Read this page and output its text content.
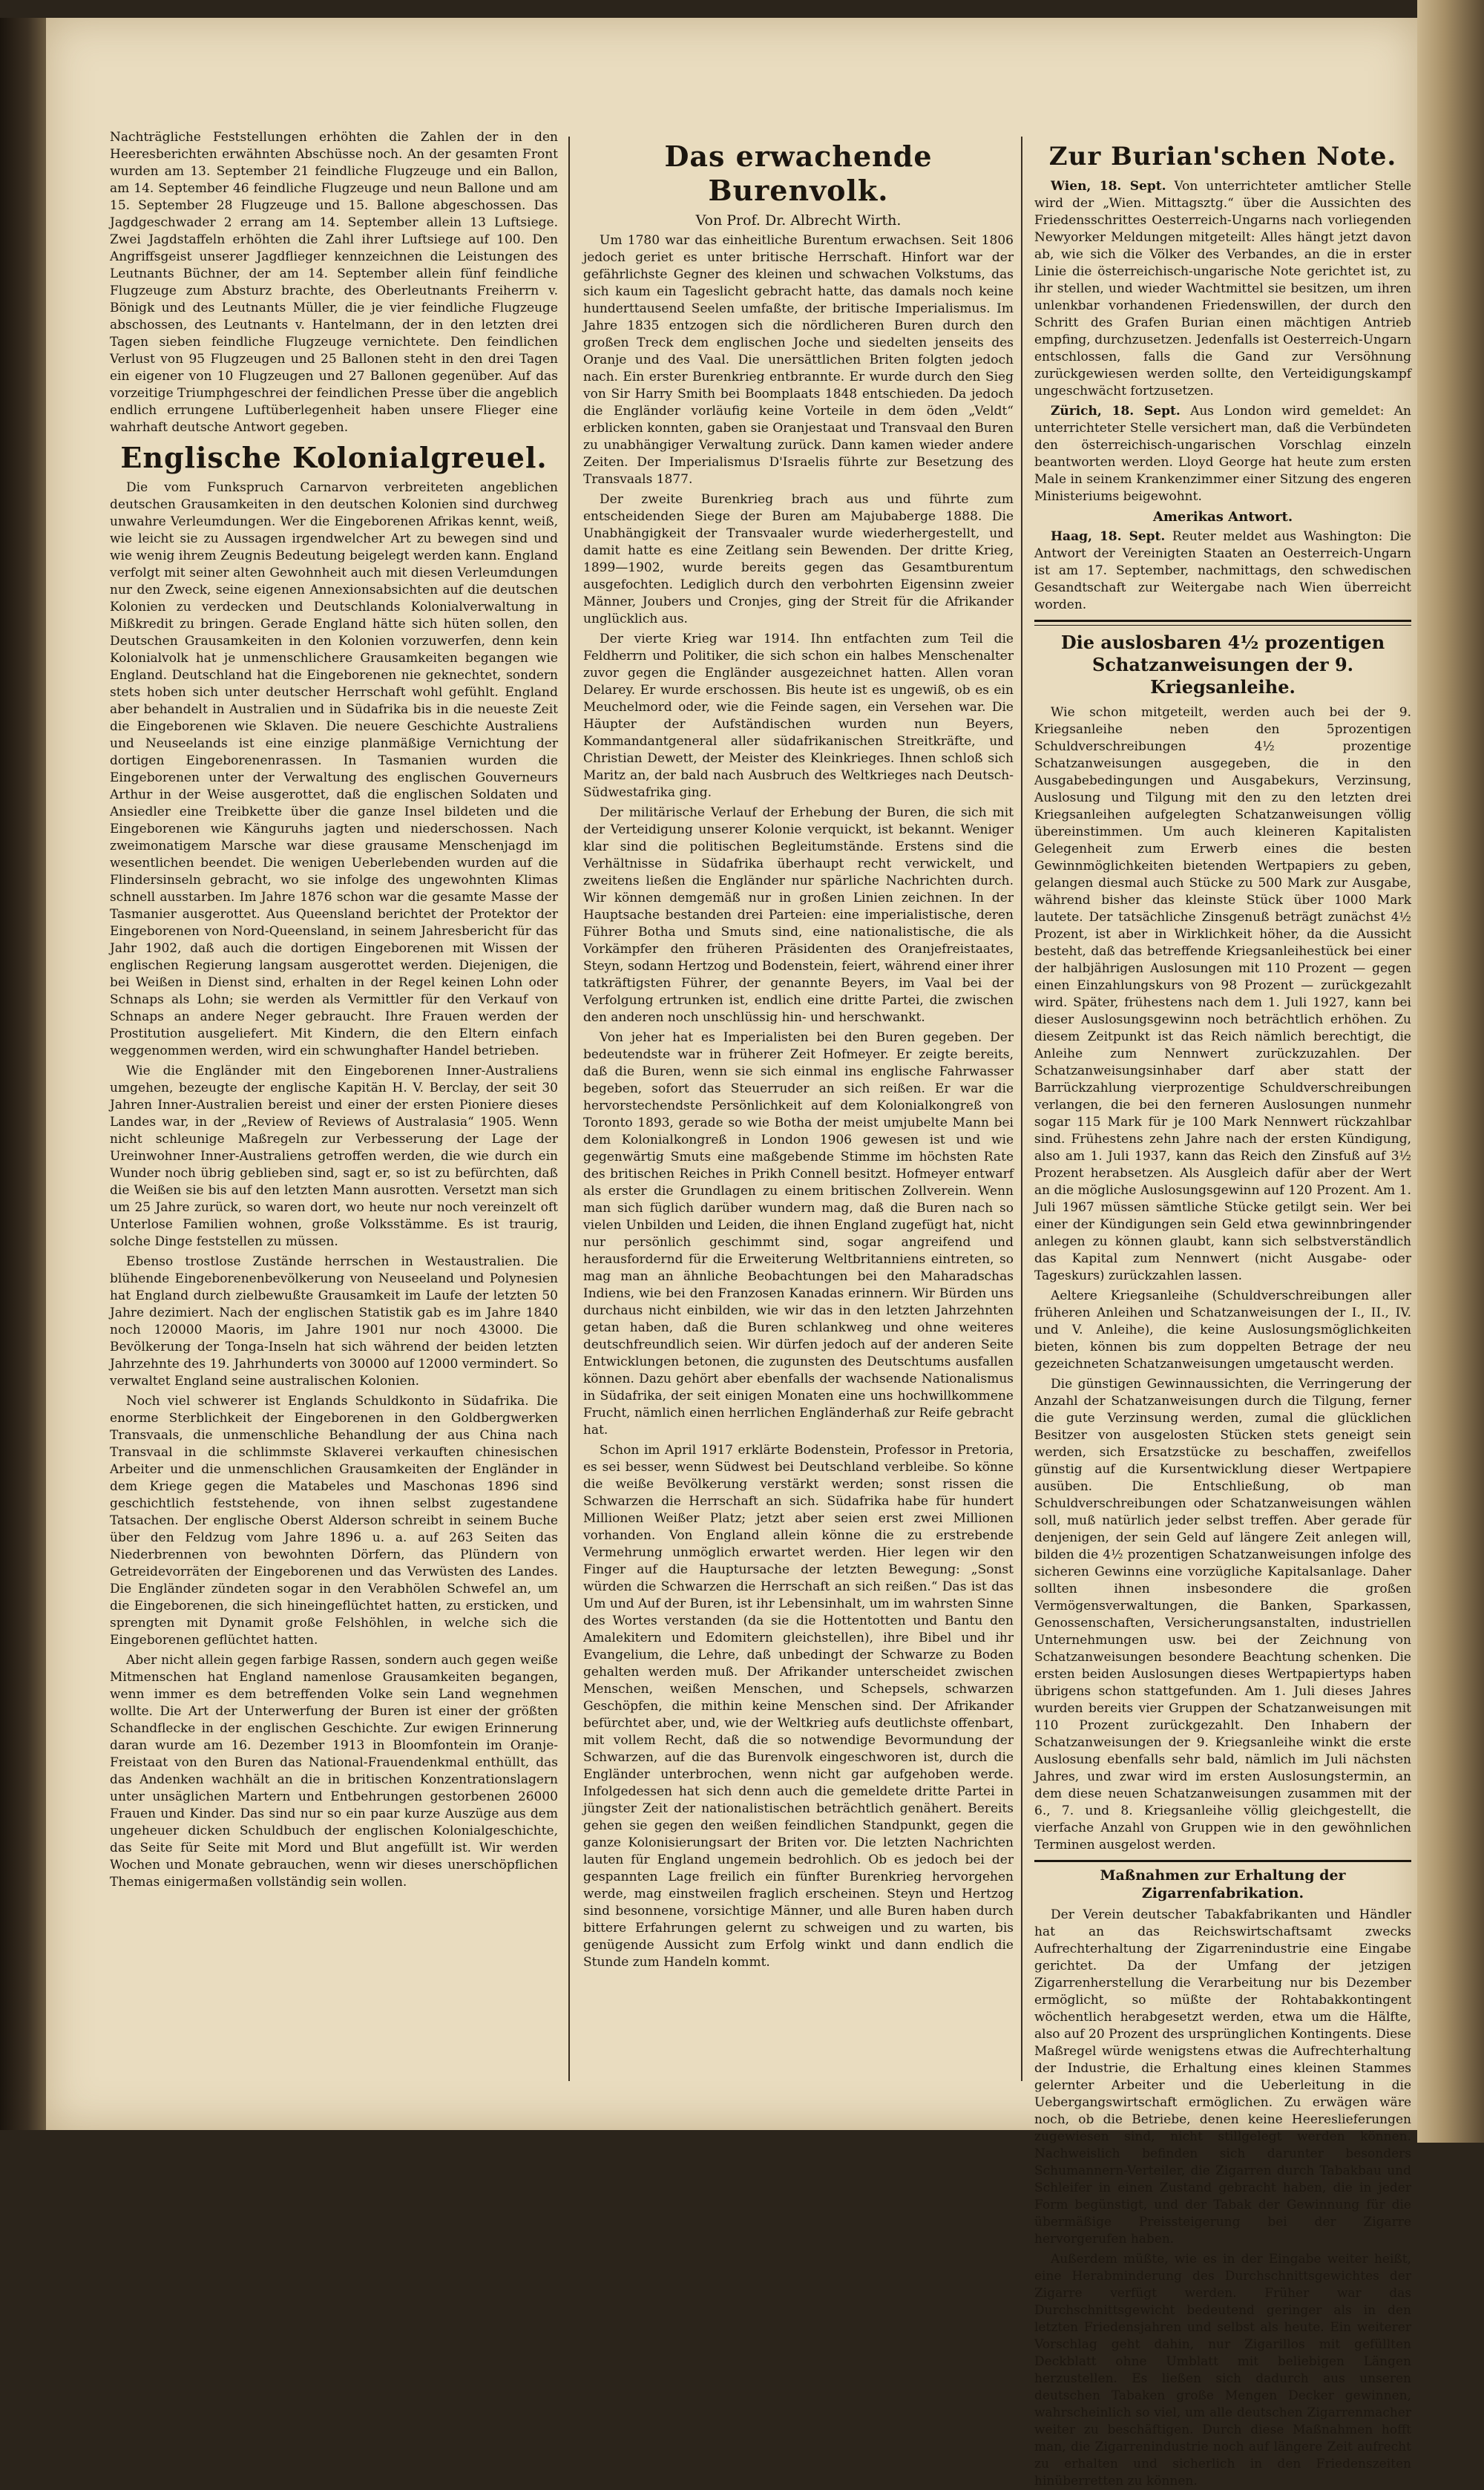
Nachträgliche Feststellungen erhöhten die Zahlen der in den Heeresberichten erwähnten Abschüsse noch. An der gesamten Front wurden am 13. September 21 feindliche Flugzeuge und ein Ballon, am 14. September 46 feindliche Flugzeuge und neun Ballone und am 15. September 28 Flugzeuge und 15. Ballone abgeschossen. Das Jagdgeschwader 2 errang am 14. September allein 13 Luftsiege. Zwei Jagdstaffeln erhöhten die Zahl ihrer Luftsiege auf 100. Den Angriffsgeist unserer Jagdflieger kennzeichnen die Leistungen des Leutnants Büchner, der am 14. September allein fünf feindliche Flugzeuge zum Absturz brachte, des Oberleutnants Freiherrn v. Bönigk und des Leutnants Müller, die je vier feindliche Flugzeuge abschossen, des Leutnants v. Hantelmann, der in den letzten drei Tagen sieben feindliche Flugzeuge vernichtete. Den feindlichen Verlust von 95 Flugzeugen und 25 Ballonen steht in den drei Tagen ein eigener von 10 Flugzeugen und 27 Ballonen gegenüber. Auf das vorzeitige Triumphgeschrei der feindlichen Presse über die angeblich endlich errungene Luftüberlegenheit haben unsere Flieger eine wahrhaft deutsche Antwort gegeben.

Englische Kolonialgreuel.

Die vom Funkspruch Carnarvon verbreiteten angeblichen deutschen Grausamkeiten in den deutschen Kolonien sind durchweg unwahre Verleumdungen. Wer die Eingeborenen Afrikas kennt, weiß, wie leicht sie zu Aussagen irgendwelcher Art zu bewegen sind und wie wenig ihrem Zeugnis Bedeutung beigelegt werden kann. England verfolgt mit seiner alten Gewohnheit auch mit diesen Verleumdungen nur den Zweck, seine eigenen Annexionsabsichten auf die deutschen Kolonien zu verdecken und Deutschlands Kolonialverwaltung in Mißkredit zu bringen. Gerade England hätte sich hüten sollen, den Deutschen Grausamkeiten in den Kolonien vorzuwerfen, denn kein Kolonialvolk hat je unmenschlichere Grausamkeiten begangen wie England. Deutschland hat die Eingeborenen nie geknechtet, sondern stets hoben sich unter deutscher Herrschaft wohl gefühlt. England aber behandelt in Australien und in Südafrika bis in die neueste Zeit die Eingeborenen wie Sklaven. Die neuere Geschichte Australiens und Neuseelands ist eine einzige planmäßige Vernichtung der dortigen Eingeborenenrassen. In Tasmanien wurden die Eingeborenen unter der Verwaltung des englischen Gouverneurs Arthur in der Weise ausgerottet, daß die englischen Soldaten und Ansiedler eine Treibkette über die ganze Insel bildeten und die Eingeborenen wie Känguruhs jagten und niederschossen. Nach zweimonatigem Marsche war diese grausame Menschenjagd im wesentlichen beendet. Die wenigen Ueberlebenden wurden auf die Flindersinseln gebracht, wo sie infolge des ungewohnten Klimas schnell ausstarben. Im Jahre 1876 schon war die gesamte Masse der Tasmanier ausgerottet. Aus Queensland berichtet der Protektor der Eingeborenen von Nord-Queensland, in seinem Jahresbericht für das Jahr 1902, daß auch die dortigen Eingeborenen mit Wissen der englischen Regierung langsam ausgerottet werden. Diejenigen, die bei Weißen in Dienst sind, erhalten in der Regel keinen Lohn oder Schnaps als Lohn; sie werden als Vermittler für den Verkauf von Schnaps an andere Neger gebraucht. Ihre Frauen werden der Prostitution ausgeliefert. Mit Kindern, die den Eltern einfach weggenommen werden, wird ein schwunghafter Handel betrieben.

Wie die Engländer mit den Eingeborenen Inner-Australiens umgehen, bezeugte der englische Kapitän H. V. Berclay, der seit 30 Jahren Inner-Australien bereist und einer der ersten Pioniere dieses Landes war, in der „Review of Reviews of Australasia“ 1905. Wenn nicht schleunige Maßregeln zur Verbesserung der Lage der Ureinwohner Inner-Australiens getroffen werden, die wie durch ein Wunder noch übrig geblieben sind, sagt er, so ist zu befürchten, daß die Weißen sie bis auf den letzten Mann ausrotten. Versetzt man sich um 25 Jahre zurück, so waren dort, wo heute nur noch vereinzelt oft Unterlose Familien wohnen, große Volksstämme. Es ist traurig, solche Dinge feststellen zu müssen.

Ebenso trostlose Zustände herrschen in Westaustralien. Die blühende Eingeborenenbevölkerung von Neuseeland und Polynesien hat England durch zielbewußte Grausamkeit im Laufe der letzten 50 Jahre dezimiert. Nach der englischen Statistik gab es im Jahre 1840 noch 120000 Maoris, im Jahre 1901 nur noch 43000. Die Bevölkerung der Tonga-Inseln hat sich während der beiden letzten Jahrzehnte des 19. Jahrhunderts von 30000 auf 12000 vermindert. So verwaltet England seine australischen Kolonien.

Noch viel schwerer ist Englands Schuldkonto in Südafrika. Die enorme Sterblichkeit der Eingeborenen in den Goldbergwerken Transvaals, die unmenschliche Behandlung der aus China nach Transvaal in die schlimmste Sklaverei verkauften chinesischen Arbeiter und die unmenschlichen Grausamkeiten der Engländer in dem Kriege gegen die Matabeles und Maschonas 1896 sind geschichtlich feststehende, von ihnen selbst zugestandene Tatsachen. Der englische Oberst Alderson schreibt in seinem Buche über den Feldzug vom Jahre 1896 u. a. auf 263 Seiten das Niederbrennen von bewohnten Dörfern, das Plündern von Getreidevorräten der Eingeborenen und das Verwüsten des Landes. Die Engländer zündeten sogar in den Verabhölen Schwefel an, um die Eingeborenen, die sich hineingeflüchtet hatten, zu ersticken, und sprengten mit Dynamit große Felshöhlen, in welche sich die Eingeborenen geflüchtet hatten.

Aber nicht allein gegen farbige Rassen, sondern auch gegen weiße Mitmenschen hat England namenlose Grausamkeiten begangen, wenn immer es dem betreffenden Volke sein Land wegnehmen wollte. Die Art der Unterwerfung der Buren ist einer der größten Schandflecke in der englischen Geschichte. Zur ewigen Erinnerung daran wurde am 16. Dezember 1913 in Bloomfontein im Oranje-Freistaat von den Buren das National-Frauendenkmal enthüllt, das das Andenken wachhält an die in britischen Konzentrationslagern unter unsäglichen Martern und Entbehrungen gestorbenen 26000 Frauen und Kinder. Das sind nur so ein paar kurze Auszüge aus dem ungeheuer dicken Schuldbuch der englischen Kolonialgeschichte, das Seite für Seite mit Mord und Blut angefüllt ist. Wir werden Wochen und Monate gebrauchen, wenn wir dieses unerschöpflichen Themas einigermaßen vollständig sein wollen.

Das erwachende Burenvolk.

Von Prof. Dr. Albrecht Wirth.

Um 1780 war das einheitliche Burentum erwachsen. Seit 1806 jedoch geriet es unter britische Herrschaft. Hinfort war der gefährlichste Gegner des kleinen und schwachen Volkstums, das sich kaum ein Tageslicht gebracht hatte, das damals noch keine hunderttausend Seelen umfaßte, der britische Imperialismus. Im Jahre 1835 entzogen sich die nördlicheren Buren durch den großen Treck dem englischen Joche und siedelten jenseits des Oranje und des Vaal. Die unersättlichen Briten folgten jedoch nach. Ein erster Burenkrieg entbrannte. Er wurde durch den Sieg von Sir Harry Smith bei Boomplaats 1848 entschieden. Da jedoch die Engländer vorläufig keine Vorteile in dem öden „Veldt“ erblicken konnten, gaben sie Oranjestaat und Transvaal den Buren zu unabhängiger Verwaltung zurück. Dann kamen wieder andere Zeiten. Der Imperialismus D'Israelis führte zur Besetzung des Transvaals 1877.

Der zweite Burenkrieg brach aus und führte zum entscheidenden Siege der Buren am Majubaberge 1888. Die Unabhängigkeit der Transvaaler wurde wiederhergestellt, und damit hatte es eine Zeitlang sein Bewenden. Der dritte Krieg, 1899—1902, wurde bereits gegen das Gesamtburentum ausgefochten. Lediglich durch den verbohrten Eigensinn zweier Männer, Joubers und Cronjes, ging der Streit für die Afrikander unglücklich aus.

Der vierte Krieg war 1914. Ihn entfachten zum Teil die Feldherrn und Politiker, die sich schon ein halbes Menschenalter zuvor gegen die Engländer ausgezeichnet hatten. Allen voran Delarey. Er wurde erschossen. Bis heute ist es ungewiß, ob es ein Meuchelmord oder, wie die Feinde sagen, ein Versehen war. Die Häupter der Aufständischen wurden nun Beyers, Kommandantgeneral aller südafrikanischen Streitkräfte, und Christian Dewett, der Meister des Kleinkrieges. Ihnen schloß sich Maritz an, der bald nach Ausbruch des Weltkrieges nach Deutsch-Südwestafrika ging.

Der militärische Verlauf der Erhebung der Buren, die sich mit der Verteidigung unserer Kolonie verquickt, ist bekannt. Weniger klar sind die politischen Begleitumstände. Erstens sind die Verhältnisse in Südafrika überhaupt recht verwickelt, und zweitens ließen die Engländer nur spärliche Nachrichten durch. Wir können demgemäß nur in großen Linien zeichnen. In der Hauptsache bestanden drei Parteien: eine imperialistische, deren Führer Botha und Smuts sind, eine nationalistische, die als Vorkämpfer den früheren Präsidenten des Oranjefreistaates, Steyn, sodann Hertzog und Bodenstein, feiert, während einer ihrer tatkräftigsten Führer, der genannte Beyers, im Vaal bei der Verfolgung ertrunken ist, endlich eine dritte Partei, die zwischen den anderen noch unschlüssig hin- und herschwankt.

Von jeher hat es Imperialisten bei den Buren gegeben. Der bedeutendste war in früherer Zeit Hofmeyer. Er zeigte bereits, daß die Buren, wenn sie sich einmal ins englische Fahrwasser begeben, sofort das Steuerruder an sich reißen. Er war die hervorstechendste Persönlichkeit auf dem Kolonialkongreß von Toronto 1893, gerade so wie Botha der meist umjubelte Mann bei dem Kolonialkongreß in London 1906 gewesen ist und wie gegenwärtig Smuts eine maßgebende Stimme im höchsten Rate des britischen Reiches in Prikh Connell besitzt. Hofmeyer entwarf als erster die Grundlagen zu einem britischen Zollverein. Wenn man sich füglich darüber wundern mag, daß die Buren nach so vielen Unbilden und Leiden, die ihnen England zugefügt hat, nicht nur persönlich geschimmt sind, sogar angreifend und herausfordernd für die Erweiterung Weltbritanniens eintreten, so mag man an ähnliche Beobachtungen bei den Maharadschas Indiens, wie bei den Franzosen Kanadas erinnern. Wir Bürden uns durchaus nicht einbilden, wie wir das in den letzten Jahrzehnten getan haben, daß die Buren schlankweg und ohne weiteres deutschfreundlich seien. Wir dürfen jedoch auf der anderen Seite Entwicklungen betonen, die zugunsten des Deutschtums ausfallen können. Dazu gehört aber ebenfalls der wachsende Nationalismus in Südafrika, der seit einigen Monaten eine uns hochwillkommene Frucht, nämlich einen herrlichen Engländerhaß zur Reife gebracht hat.

Schon im April 1917 erklärte Bodenstein, Professor in Pretoria, es sei besser, wenn Südwest bei Deutschland verbleibe. So könne die weiße Bevölkerung verstärkt werden; sonst rissen die Schwarzen die Herrschaft an sich. Südafrika habe für hundert Millionen Weißer Platz; jetzt aber seien erst zwei Millionen vorhanden. Von England allein könne die zu erstrebende Vermehrung unmöglich erwartet werden. Hier legen wir den Finger auf die Hauptursache der letzten Bewegung: „Sonst würden die Schwarzen die Herrschaft an sich reißen.“ Das ist das Um und Auf der Buren, ist ihr Lebensinhalt, um im wahrsten Sinne des Wortes verstanden (da sie die Hottentotten und Bantu den Amalekitern und Edomitern gleichstellen), ihre Bibel und ihr Evangelium, die Lehre, daß unbedingt der Schwarze zu Boden gehalten werden muß. Der Afrikander unterscheidet zwischen Menschen, weißen Menschen, und Schepsels, schwarzen Geschöpfen, die mithin keine Menschen sind. Der Afrikander befürchtet aber, und, wie der Weltkrieg aufs deutlichste offenbart, mit vollem Recht, daß die so notwendige Bevormundung der Schwarzen, auf die das Burenvolk eingeschworen ist, durch die Engländer unterbrochen, wenn nicht gar aufgehoben werde. Infolgedessen hat sich denn auch die gemeldete dritte Partei in jüngster Zeit der nationalistischen beträchtlich genähert. Bereits gehen sie gegen den weißen feindlichen Standpunkt, gegen die ganze Kolonisierungsart der Briten vor. Die letzten Nachrichten lauten für England ungemein bedrohlich. Ob es jedoch bei der gespannten Lage freilich ein fünfter Burenkrieg hervorgehen werde, mag einstweilen fraglich erscheinen. Steyn und Hertzog sind besonnene, vorsichtige Männer, und alle Buren haben durch bittere Erfahrungen gelernt zu schweigen und zu warten, bis genügende Aussicht zum Erfolg winkt und dann endlich die Stunde zum Handeln kommt.

Zur Burian'schen Note.

Wien, 18. Sept. Von unterrichteter amtlicher Stelle wird der „Wien. Mittagsztg.“ über die Aussichten des Friedensschrittes Oesterreich-Ungarns nach vorliegenden Newyorker Meldungen mitgeteilt: Alles hängt jetzt davon ab, wie sich die Völker des Verbandes, an die in erster Linie die österreichisch-ungarische Note gerichtet ist, zu ihr stellen, und wieder Wachtmittel sie besitzen, um ihren unlenkbar vorhandenen Friedenswillen, der durch den Schritt des Grafen Burian einen mächtigen Antrieb empfing, durchzusetzen. Jedenfalls ist Oesterreich-Ungarn entschlossen, falls die Gand zur Versöhnung zurückgewiesen werden sollte, den Verteidigungskampf ungeschwächt fortzusetzen.

Zürich, 18. Sept. Aus London wird gemeldet: An unterrichteter Stelle versichert man, daß die Verbündeten den österreichisch-ungarischen Vorschlag einzeln beantworten werden. Lloyd George hat heute zum ersten Male in seinem Krankenzimmer einer Sitzung des engeren Ministeriums beigewohnt.

Amerikas Antwort.

Haag, 18. Sept. Reuter meldet aus Washington: Die Antwort der Vereinigten Staaten an Oesterreich-Ungarn ist am 17. September, nachmittags, den schwedischen Gesandtschaft zur Weitergabe nach Wien überreicht worden.

Die auslosbaren 4½ prozentigen Schatzanweisungen der 9. Kriegsanleihe.

Wie schon mitgeteilt, werden auch bei der 9. Kriegsanleihe neben den 5prozentigen Schuldverschreibungen 4½ prozentige Schatzanweisungen ausgegeben, die in den Ausgabebedingungen und Ausgabekurs, Verzinsung, Auslosung und Tilgung mit den zu den letzten drei Kriegsanleihen aufgelegten Schatzanweisungen völlig übereinstimmen. Um auch kleineren Kapitalisten Gelegenheit zum Erwerb eines die besten Gewinnmöglichkeiten bietenden Wertpapiers zu geben, gelangen diesmal auch Stücke zu 500 Mark zur Ausgabe, während bisher das kleinste Stück über 1000 Mark lautete. Der tatsächliche Zinsgenuß beträgt zunächst 4½ Prozent, ist aber in Wirklichkeit höher, da die Aussicht besteht, daß das betreffende Kriegsanleihestück bei einer der halbjährigen Auslosungen mit 110 Prozent — gegen einen Einzahlungskurs von 98 Prozent — zurückgezahlt wird. Später, frühestens nach dem 1. Juli 1927, kann bei dieser Auslosungsgewinn noch beträchtlich erhöhen. Zu diesem Zeitpunkt ist das Reich nämlich berechtigt, die Anleihe zum Nennwert zurückzuzahlen. Der Schatzanweisungsinhaber darf aber statt der Barrückzahlung vierprozentige Schuldverschreibungen verlangen, die bei den ferneren Auslosungen nunmehr sogar 115 Mark für je 100 Mark Nennwert rückzahlbar sind. Frühestens zehn Jahre nach der ersten Kündigung, also am 1. Juli 1937, kann das Reich den Zinsfuß auf 3½ Prozent herabsetzen. Als Ausgleich dafür aber der Wert an die mögliche Auslosungsgewinn auf 120 Prozent. Am 1. Juli 1967 müssen sämtliche Stücke getilgt sein. Wer bei einer der Kündigungen sein Geld etwa gewinnbringender anlegen zu können glaubt, kann sich selbstverständlich das Kapital zum Nennwert (nicht Ausgabe- oder Tageskurs) zurückzahlen lassen.

Aeltere Kriegsanleihe (Schuldverschreibungen aller früheren Anleihen und Schatzanweisungen der I., II., IV. und V. Anleihe), die keine Auslosungsmöglichkeiten bieten, können bis zum doppelten Betrage der neu gezeichneten Schatzanweisungen umgetauscht werden.

Die günstigen Gewinnaussichten, die Verringerung der Anzahl der Schatzanweisungen durch die Tilgung, ferner die gute Verzinsung werden, zumal die glücklichen Besitzer von ausgelosten Stücken stets geneigt sein werden, sich Ersatzstücke zu beschaffen, zweifellos günstig auf die Kursentwicklung dieser Wertpapiere ausüben. Die Entschließung, ob man Schuldverschreibungen oder Schatzanweisungen wählen soll, muß natürlich jeder selbst treffen. Aber gerade für denjenigen, der sein Geld auf längere Zeit anlegen will, bilden die 4½ prozentigen Schatzanweisungen infolge des sicheren Gewinns eine vorzügliche Kapitalsanlage. Daher sollten ihnen insbesondere die großen Vermögensverwaltungen, die Banken, Sparkassen, Genossenschaften, Versicherungsanstalten, industriellen Unternehmungen usw. bei der Zeichnung von Schatzanweisungen besondere Beachtung schenken. Die ersten beiden Auslosungen dieses Wertpapiertyps haben übrigens schon stattgefunden. Am 1. Juli dieses Jahres wurden bereits vier Gruppen der Schatzanweisungen mit 110 Prozent zurückgezahlt. Den Inhabern der Schatzanweisungen der 9. Kriegsanleihe winkt die erste Auslosung ebenfalls sehr bald, nämlich im Juli nächsten Jahres, und zwar wird im ersten Auslosungstermin, an dem diese neuen Schatzanweisungen zusammen mit der 6., 7. und 8. Kriegsanleihe völlig gleichgestellt, die vierfache Anzahl von Gruppen wie in den gewöhnlichen Terminen ausgelost werden.

Maßnahmen zur Erhaltung der Zigarrenfabrikation.

Der Verein deutscher Tabakfabrikanten und Händler hat an das Reichswirtschaftsamt zwecks Aufrechterhaltung der Zigarrenindustrie eine Eingabe gerichtet. Da der Umfang der jetzigen Zigarrenherstellung die Verarbeitung nur bis Dezember ermöglicht, so müßte der Rohtabakkontingent wöchentlich herabgesetzt werden, etwa um die Hälfte, also auf 20 Prozent des ursprünglichen Kontingents. Diese Maßregel würde wenigstens etwas die Aufrechterhaltung der Industrie, die Erhaltung eines kleinen Stammes gelernter Arbeiter und die Ueberleitung in die Uebergangswirtschaft ermöglichen. Zu erwägen wäre noch, ob die Betriebe, denen keine Heereslieferungen zugewiesen sind, nicht stillgelegt werden können. Nachweislich befinden sich darunter besonders Schumannern-Verteiler, die Zigarren durch Tabakbau und Schleifer in einen Zustand gebracht haben, die in jeder Form begünstigt, und der Tabak der Gewinnung für die übermäßige Preissteigerung bei der Zigarre hervorgerufen haben.

Außerdem müßte, wie es in der Eingabe weiter heißt, eine Herabminderung des Durchschnittsgewichtes der Zigarre verfügt werden. Früher war das Durchschnittsgewicht bedeutend geringer als in den letzten Friedensjahren und selbst als heute. Ein weiterer Vorschlag geht dahin, nur Zigarillos mit gefüllten Deckblatt ohne Umblatt mit beliebigen Längen herzustellen. Es ließen sich dadurch aus unseren deutschen Tabaken große Mengen Decker gewinnen, wahrscheinlich so viel, um alle deutschen Zigarrenmacher weiter zu beschäftigen. Durch diese Maßnahmen hofft man, die Zigarrenindustrie noch auf längere Zeit aufrecht zu erhalten und sicherlich in den Friedenszeiten hinüberretten zu können.
